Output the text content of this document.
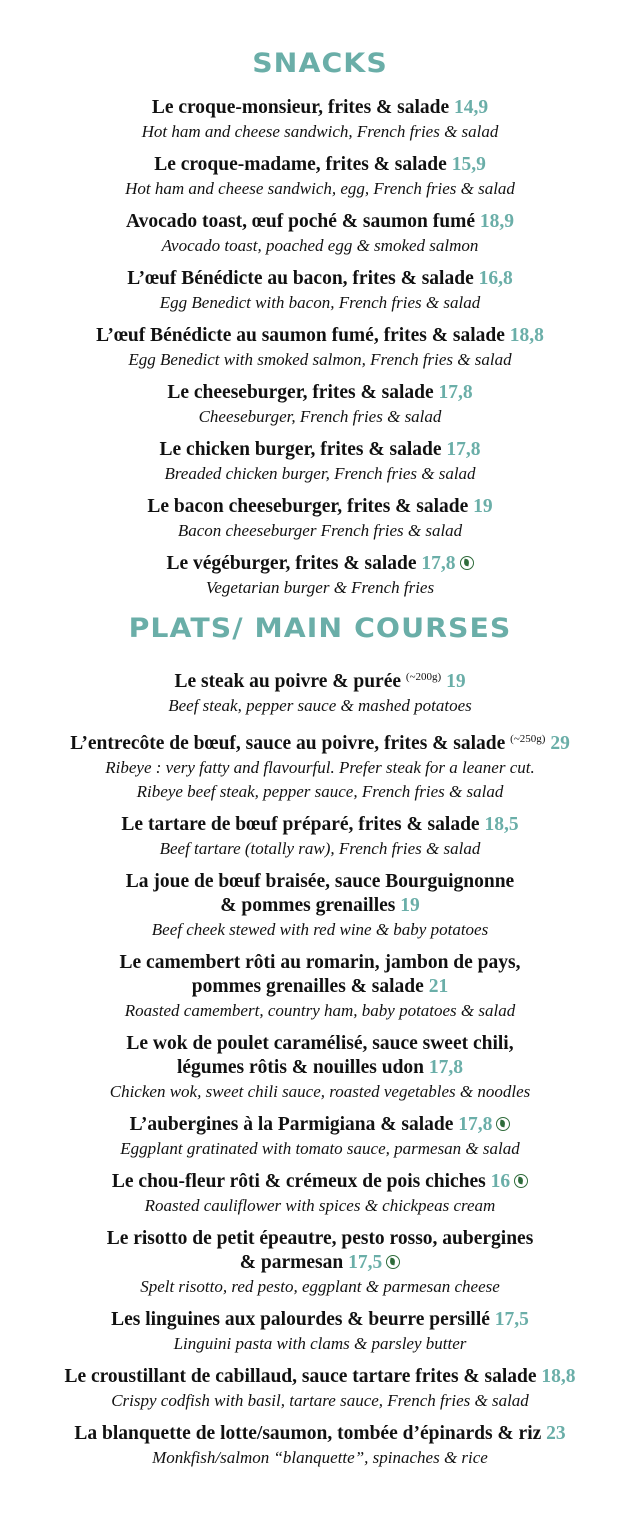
SNACKS
Le croque-monsieur, frites & salade 14,9
Hot ham and cheese sandwich, French fries & salad
Le croque-madame, frites & salade 15,9
Hot ham and cheese sandwich, egg, French fries & salad
Avocado toast, œuf poché & saumon fumé 18,9
Avocado toast, poached egg & smoked salmon
L’œuf Bénédicte au bacon, frites & salade 16,8
Egg Benedict with bacon, French fries & salad
L’œuf Bénédicte au saumon fumé, frites & salade 18,8
Egg Benedict with smoked salmon, French fries & salad
Le cheeseburger, frites & salade 17,8
Cheeseburger, French fries & salad
Le chicken burger, frites & salade 17,8
Breaded chicken burger, French fries & salad
Le bacon cheeseburger, frites & salade 19
Bacon cheeseburger French fries & salad
Le végéburger, frites & salade 17,8
Vegetarian burger & French fries
PLATS/ MAIN COURSES
Le steak au poivre & purée $^{(\sim 200g)}$ 19
Beef steak, pepper sauce & mashed potatoes
L’entrecôte de bœuf, sauce au poivre, frites & salade $^{(\sim 250g)}$ 29
Ribeye : very fatty and flavourful. Prefer steak for a leaner cut.
Ribeye beef steak, pepper sauce, French fries & salad
Le tartare de bœuf préparé, frites & salade 18,5
Beef tartare (totally raw), French fries & salad
La joue de bœuf braisée, sauce Bourguignonne
& pommes grenailles 19
Beef cheek stewed with red wine & baby potatoes
Le camembert rôti au romarin, jambon de pays,
pommes grenailles & salade 21
Roasted camembert, country ham, baby potatoes & salad
Le wok de poulet caramélisé, sauce sweet chili,
légumes rôtis & nouilles udon 17,8
Chicken wok, sweet chili sauce, roasted vegetables & noodles
L’aubergines à la Parmigiana & salade 17,8
Eggplant gratinated with tomato sauce, parmesan & salad
Le chou-fleur rôti & crémeux de pois chiches 16
Roasted cauliflower with spices & chickpeas cream
Le risotto de petit épeautre, pesto rosso, aubergines
& parmesan 17,5
Spelt risotto, red pesto, eggplant & parmesan cheese
Les linguines aux palourdes & beurre persillé 17,5
Linguini pasta with clams & parsley butter
Le croustillant de cabillaud, sauce tartare frites & salade 18,8
Crispy codfish with basil, tartare sauce, French fries & salad
La blanquette de lotte/saumon, tombée d’épinards & riz 23
Monkfish/salmon “blanquette”, spinaches & rice
